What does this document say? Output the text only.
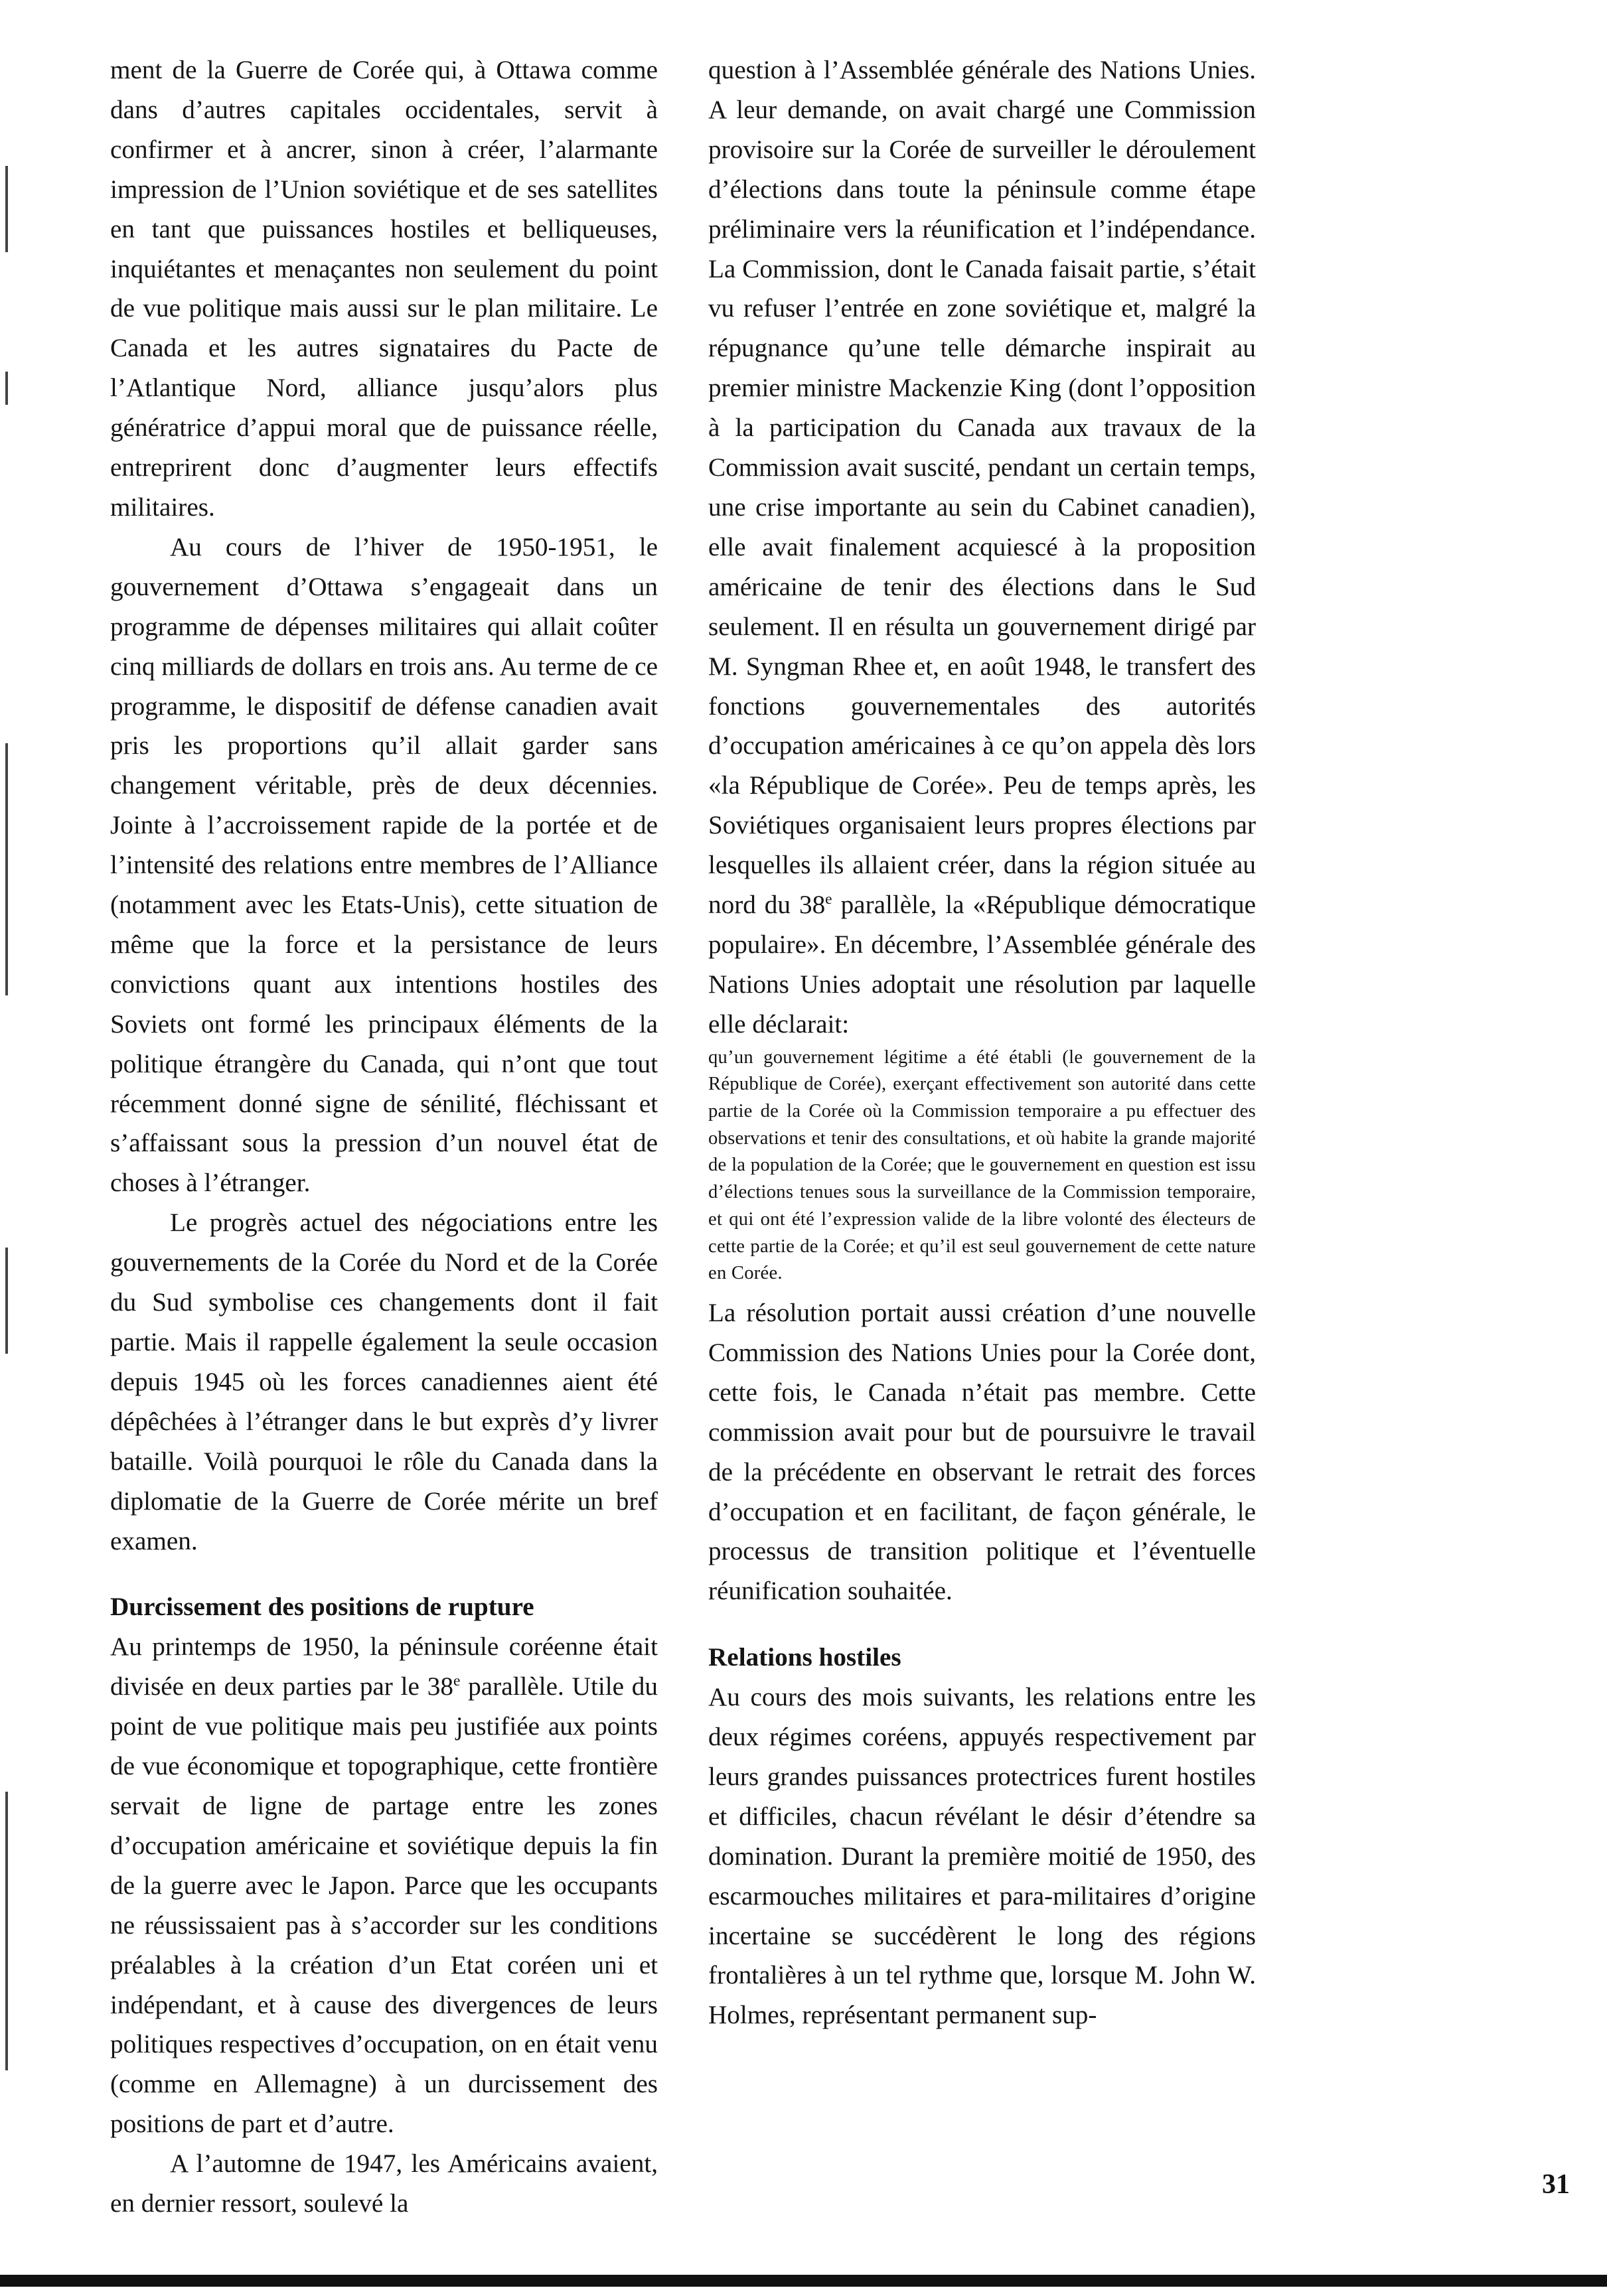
ment de la Guerre de Corée qui, à Ottawa comme dans d’autres capitales occidentales, servit à confirmer et à ancrer, sinon à créer, l’alarmante impression de l’Union soviétique et de ses satellites en tant que puissances hostiles et belliqueuses, inquiétantes et menaçantes non seulement du point de vue politique mais aussi sur le plan militaire. Le Canada et les autres signataires du Pacte de l’Atlantique Nord, alliance jusqu’alors plus génératrice d’appui moral que de puissance réelle, entreprirent donc d’augmenter leurs effectifs militaires.

Au cours de l’hiver de 1950-1951, le gouvernement d’Ottawa s’engageait dans un programme de dépenses militaires qui allait coûter cinq milliards de dollars en trois ans. Au terme de ce programme, le dispositif de défense canadien avait pris les proportions qu’il allait garder sans changement véritable, près de deux décennies. Jointe à l’accroissement rapide de la portée et de l’intensité des relations entre membres de l’Alliance (notamment avec les Etats-Unis), cette situation de même que la force et la persistance de leurs convictions quant aux intentions hostiles des Soviets ont formé les principaux éléments de la politique étrangère du Canada, qui n’ont que tout récemment donné signe de sénilité, fléchissant et s’affaissant sous la pression d’un nouvel état de choses à l’étranger.

Le progrès actuel des négociations entre les gouvernements de la Corée du Nord et de la Corée du Sud symbolise ces changements dont il fait partie. Mais il rappelle également la seule occasion depuis 1945 où les forces canadiennes aient été dépêchées à l’étranger dans le but exprès d’y livrer bataille. Voilà pourquoi le rôle du Canada dans la diplomatie de la Guerre de Corée mérite un bref examen.

Durcissement des positions de rupture

Au printemps de 1950, la péninsule coréenne était divisée en deux parties par le 38e parallèle. Utile du point de vue politique mais peu justifiée aux points de vue économique et topographique, cette frontière servait de ligne de partage entre les zones d’occupation américaine et soviétique depuis la fin de la guerre avec le Japon. Parce que les occupants ne réussissaient pas à s’accorder sur les conditions préalables à la création d’un Etat coréen uni et indépendant, et à cause des divergences de leurs politiques respectives d’occupation, on en était venu (comme en Allemagne) à un durcissement des positions de part et d’autre.

A l’automne de 1947, les Américains avaient, en dernier ressort, soulevé la

question à l’Assemblée générale des Nations Unies. A leur demande, on avait chargé une Commission provisoire sur la Corée de surveiller le déroulement d’élections dans toute la péninsule comme étape préliminaire vers la réunification et l’indépendance. La Commission, dont le Canada faisait partie, s’était vu refuser l’entrée en zone soviétique et, malgré la répugnance qu’une telle démarche inspirait au premier ministre Mackenzie King (dont l’opposition à la participation du Canada aux travaux de la Commission avait suscité, pendant un certain temps, une crise importante au sein du Cabinet canadien), elle avait finalement acquiescé à la proposition américaine de tenir des élections dans le Sud seulement. Il en résulta un gouvernement dirigé par M. Syngman Rhee et, en août 1948, le transfert des fonctions gouvernementales des autorités d’occupation américaines à ce qu’on appela dès lors «la République de Corée». Peu de temps après, les Soviétiques organisaient leurs propres élections par lesquelles ils allaient créer, dans la région située au nord du 38e parallèle, la «République démocratique populaire». En décembre, l’Assemblée générale des Nations Unies adoptait une résolution par laquelle elle déclarait:

qu’un gouvernement légitime a été établi (le gouvernement de la République de Corée), exerçant effectivement son autorité dans cette partie de la Corée où la Commission temporaire a pu effectuer des observations et tenir des consultations, et où habite la grande majorité de la population de la Corée; que le gouvernement en question est issu d’élections tenues sous la surveillance de la Commission temporaire, et qui ont été l’expression valide de la libre volonté des électeurs de cette partie de la Corée; et qu’il est seul gouvernement de cette nature en Corée.

La résolution portait aussi création d’une nouvelle Commission des Nations Unies pour la Corée dont, cette fois, le Canada n’était pas membre. Cette commission avait pour but de poursuivre le travail de la précédente en observant le retrait des forces d’occupation et en facilitant, de façon générale, le processus de transition politique et l’éventuelle réunification souhaitée.

Relations hostiles

Au cours des mois suivants, les relations entre les deux régimes coréens, appuyés respectivement par leurs grandes puissances protectrices furent hostiles et difficiles, chacun révélant le désir d’étendre sa domination. Durant la première moitié de 1950, des escarmouches militaires et para-militaires d’origine incertaine se succédèrent le long des régions frontalières à un tel rythme que, lorsque M. John W. Holmes, représentant permanent sup-

31
